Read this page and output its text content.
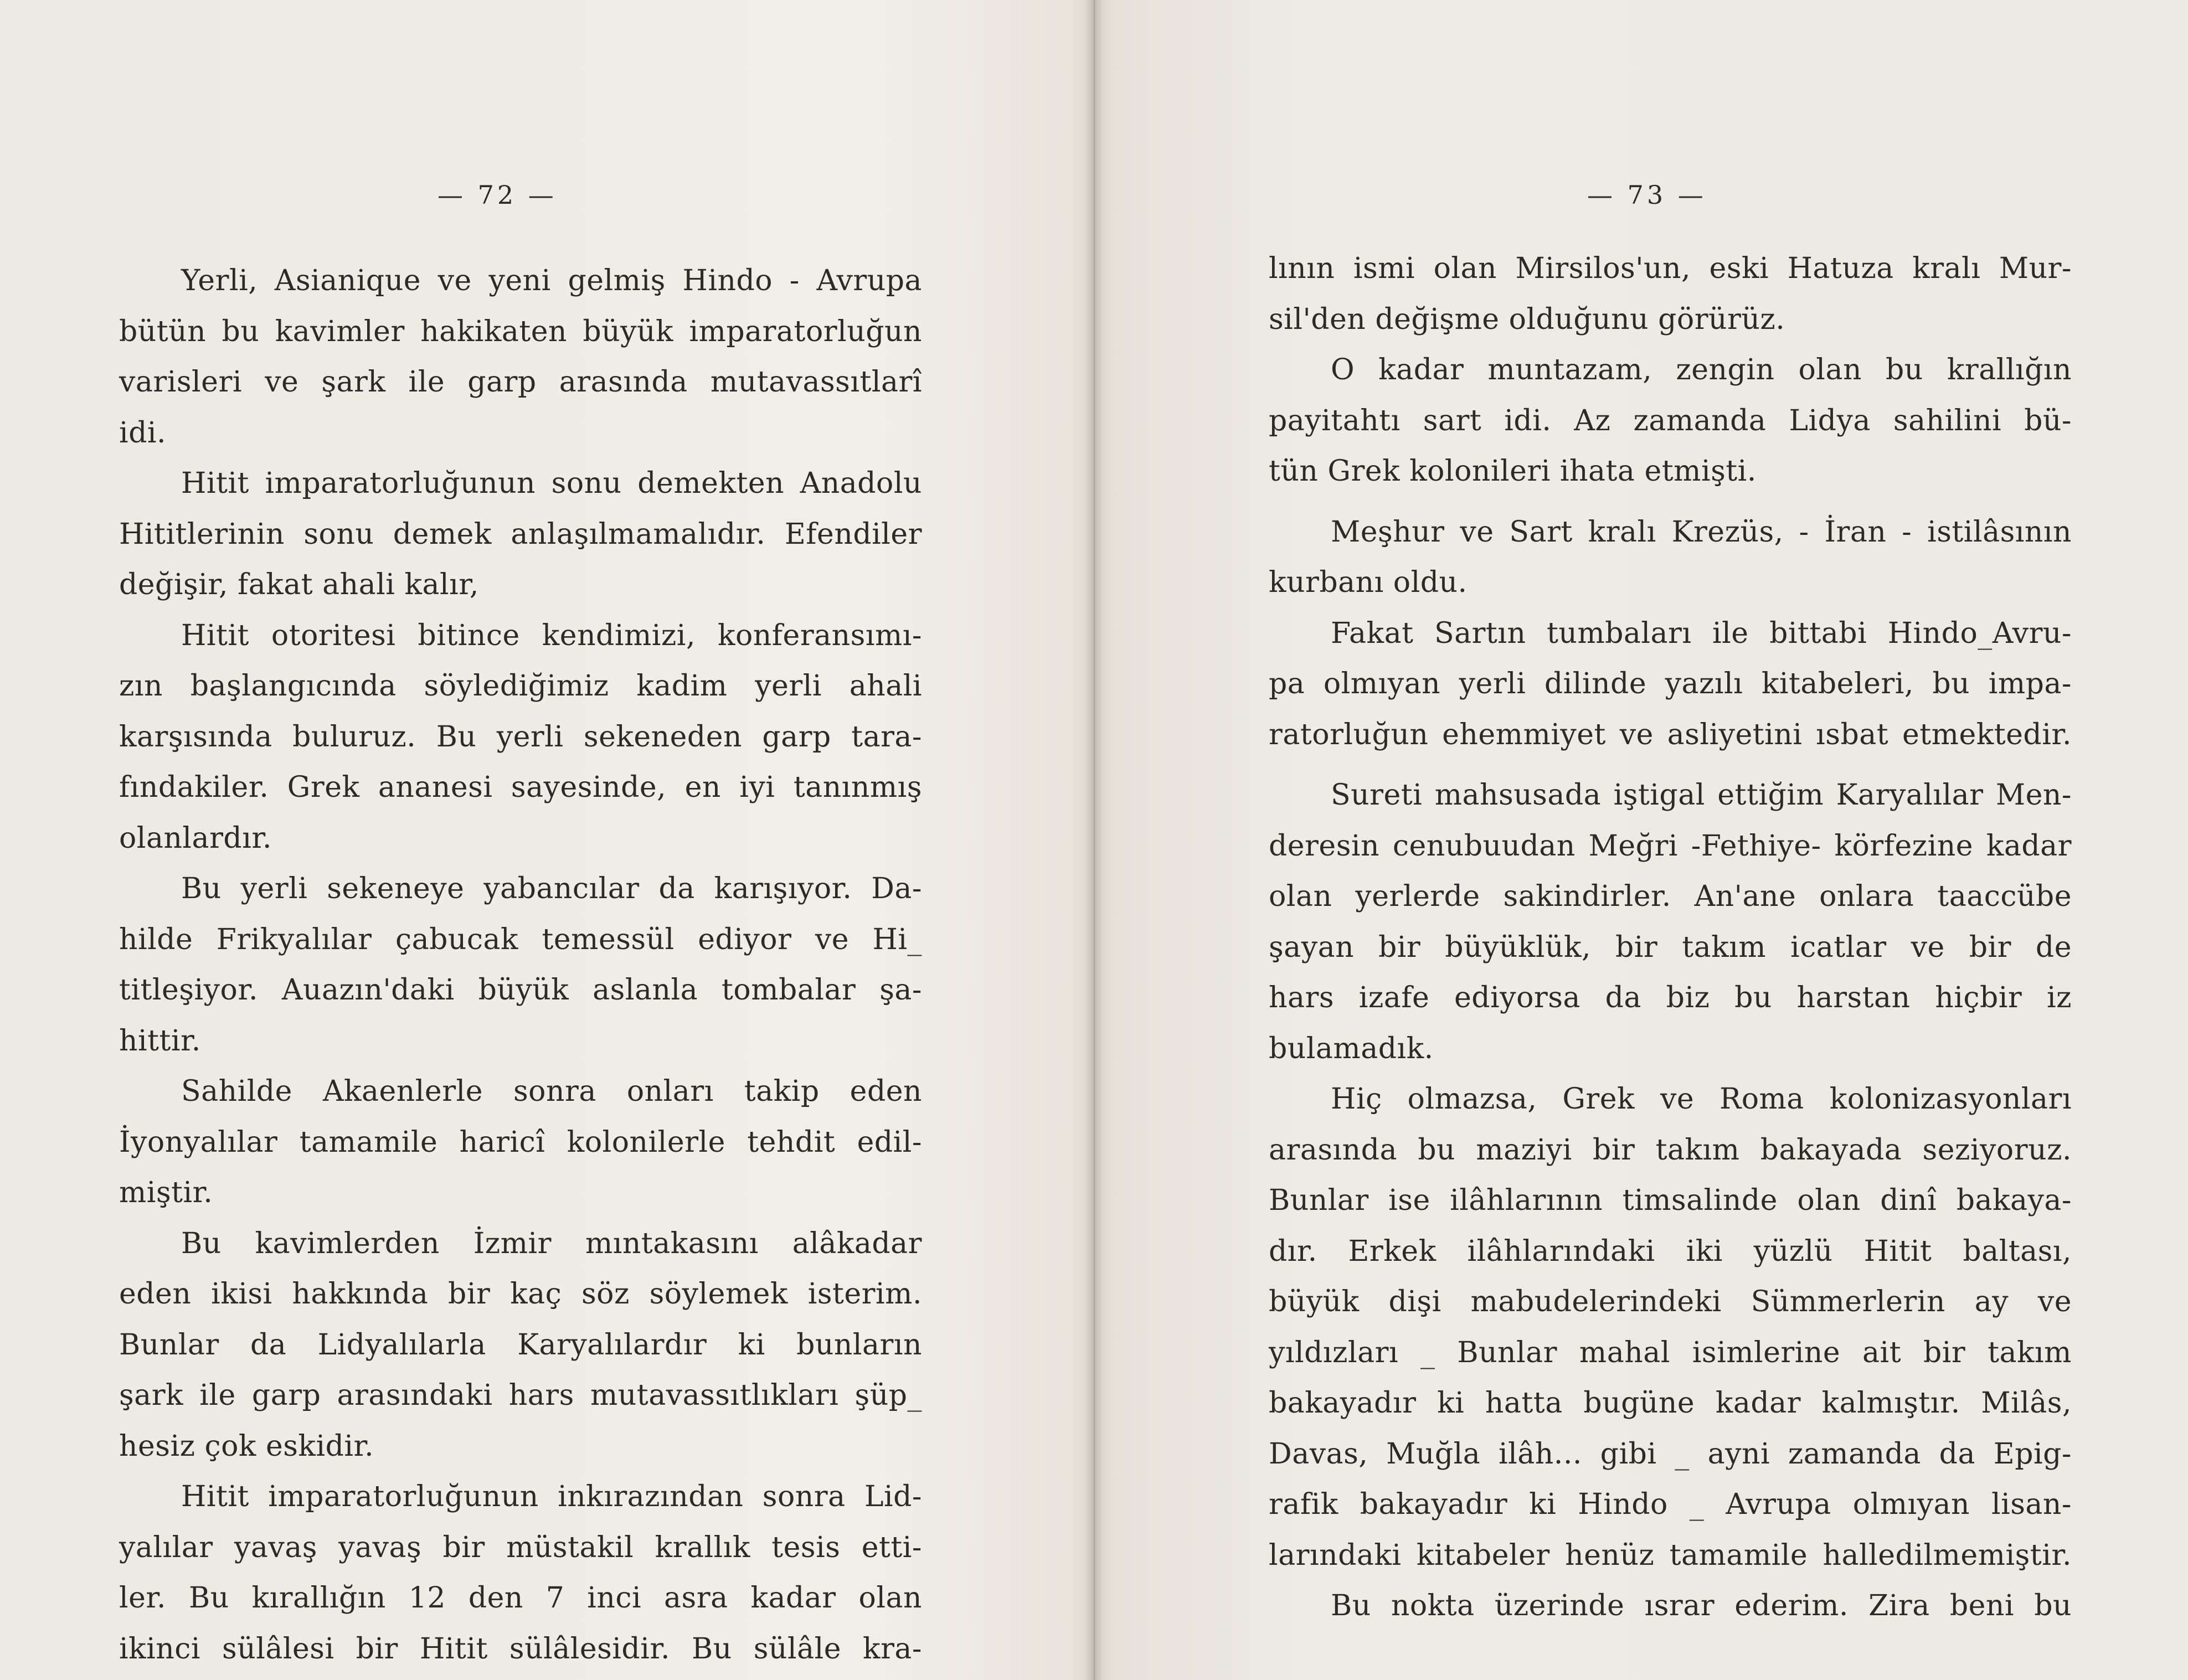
— 72 —
Yerli, Asianique ve yeni gelmiş Hindo - Avrupa
bütün bu kavimler hakikaten büyük imparatorluğun
varisleri ve şark ile garp arasında mutavassıtlarî
idi.
Hitit imparatorluğunun sonu demekten Anadolu
Hititlerinin sonu demek anlaşılmamalıdır. Efendiler
değişir, fakat ahali kalır,
Hitit otoritesi bitince kendimizi, konferansımı-
zın başlangıcında söylediğimiz kadim yerli ahali
karşısında buluruz. Bu yerli sekeneden garp tara-
fındakiler. Grek ananesi sayesinde, en iyi tanınmış
olanlardır.
Bu yerli sekeneye yabancılar da karışıyor. Da-
hilde Frikyalılar çabucak temessül ediyor ve Hi_
titleşiyor. Auazın'daki büyük aslanla tombalar şa-
hittir.
Sahilde Akaenlerle sonra onları takip eden
İyonyalılar tamamile haricî kolonilerle tehdit edil-
miştir.
Bu kavimlerden İzmir mıntakasını alâkadar
eden ikisi hakkında bir kaç söz söylemek isterim.
Bunlar da Lidyalılarla Karyalılardır ki bunların
şark ile garp arasındaki hars mutavassıtlıkları şüp_
hesiz çok eskidir.
Hitit imparatorluğunun inkırazından sonra Lid-
yalılar yavaş yavaş bir müstakil krallık tesis etti-
ler. Bu kırallığın 12 den 7 inci asra kadar olan
ikinci sülâlesi bir Hitit sülâlesidir. Bu sülâle kra-
— 73 —
lının ismi olan Mirsilos'un, eski Hatuza kralı Mur-
sil'den değişme olduğunu görürüz.
O kadar muntazam, zengin olan bu krallığın
payitahtı sart idi. Az zamanda Lidya sahilini bü-
tün Grek kolonileri ihata etmişti.
Meşhur ve Sart kralı Krezüs, - İran - istilâsının
kurbanı oldu.
Fakat Sartın tumbaları ile bittabi Hindo_Avru-
pa olmıyan yerli dilinde yazılı kitabeleri, bu impa-
ratorluğun ehemmiyet ve asliyetini ısbat etmektedir.
Sureti mahsusada iştigal ettiğim Karyalılar Men-
deresin cenubuudan Meğri -Fethiye- körfezine kadar
olan yerlerde sakindirler. An'ane onlara taaccübe
şayan bir büyüklük, bir takım icatlar ve bir de
hars izafe ediyorsa da biz bu harstan hiçbir iz
bulamadık.
Hiç olmazsa, Grek ve Roma kolonizasyonları
arasında bu maziyi bir takım bakayada seziyoruz.
Bunlar ise ilâhlarının timsalinde olan dinî bakaya-
dır. Erkek ilâhlarındaki iki yüzlü Hitit baltası,
büyük dişi mabudelerindeki Sümmerlerin ay ve
yıldızları _ Bunlar mahal isimlerine ait bir takım
bakayadır ki hatta bugüne kadar kalmıştır. Milâs,
Davas, Muğla ilâh... gibi _ ayni zamanda da Epig-
rafik bakayadır ki Hindo _ Avrupa olmıyan lisan-
larındaki kitabeler henüz tamamile halledilmemiştir.
Bu nokta üzerinde ısrar ederim. Zira beni bu
